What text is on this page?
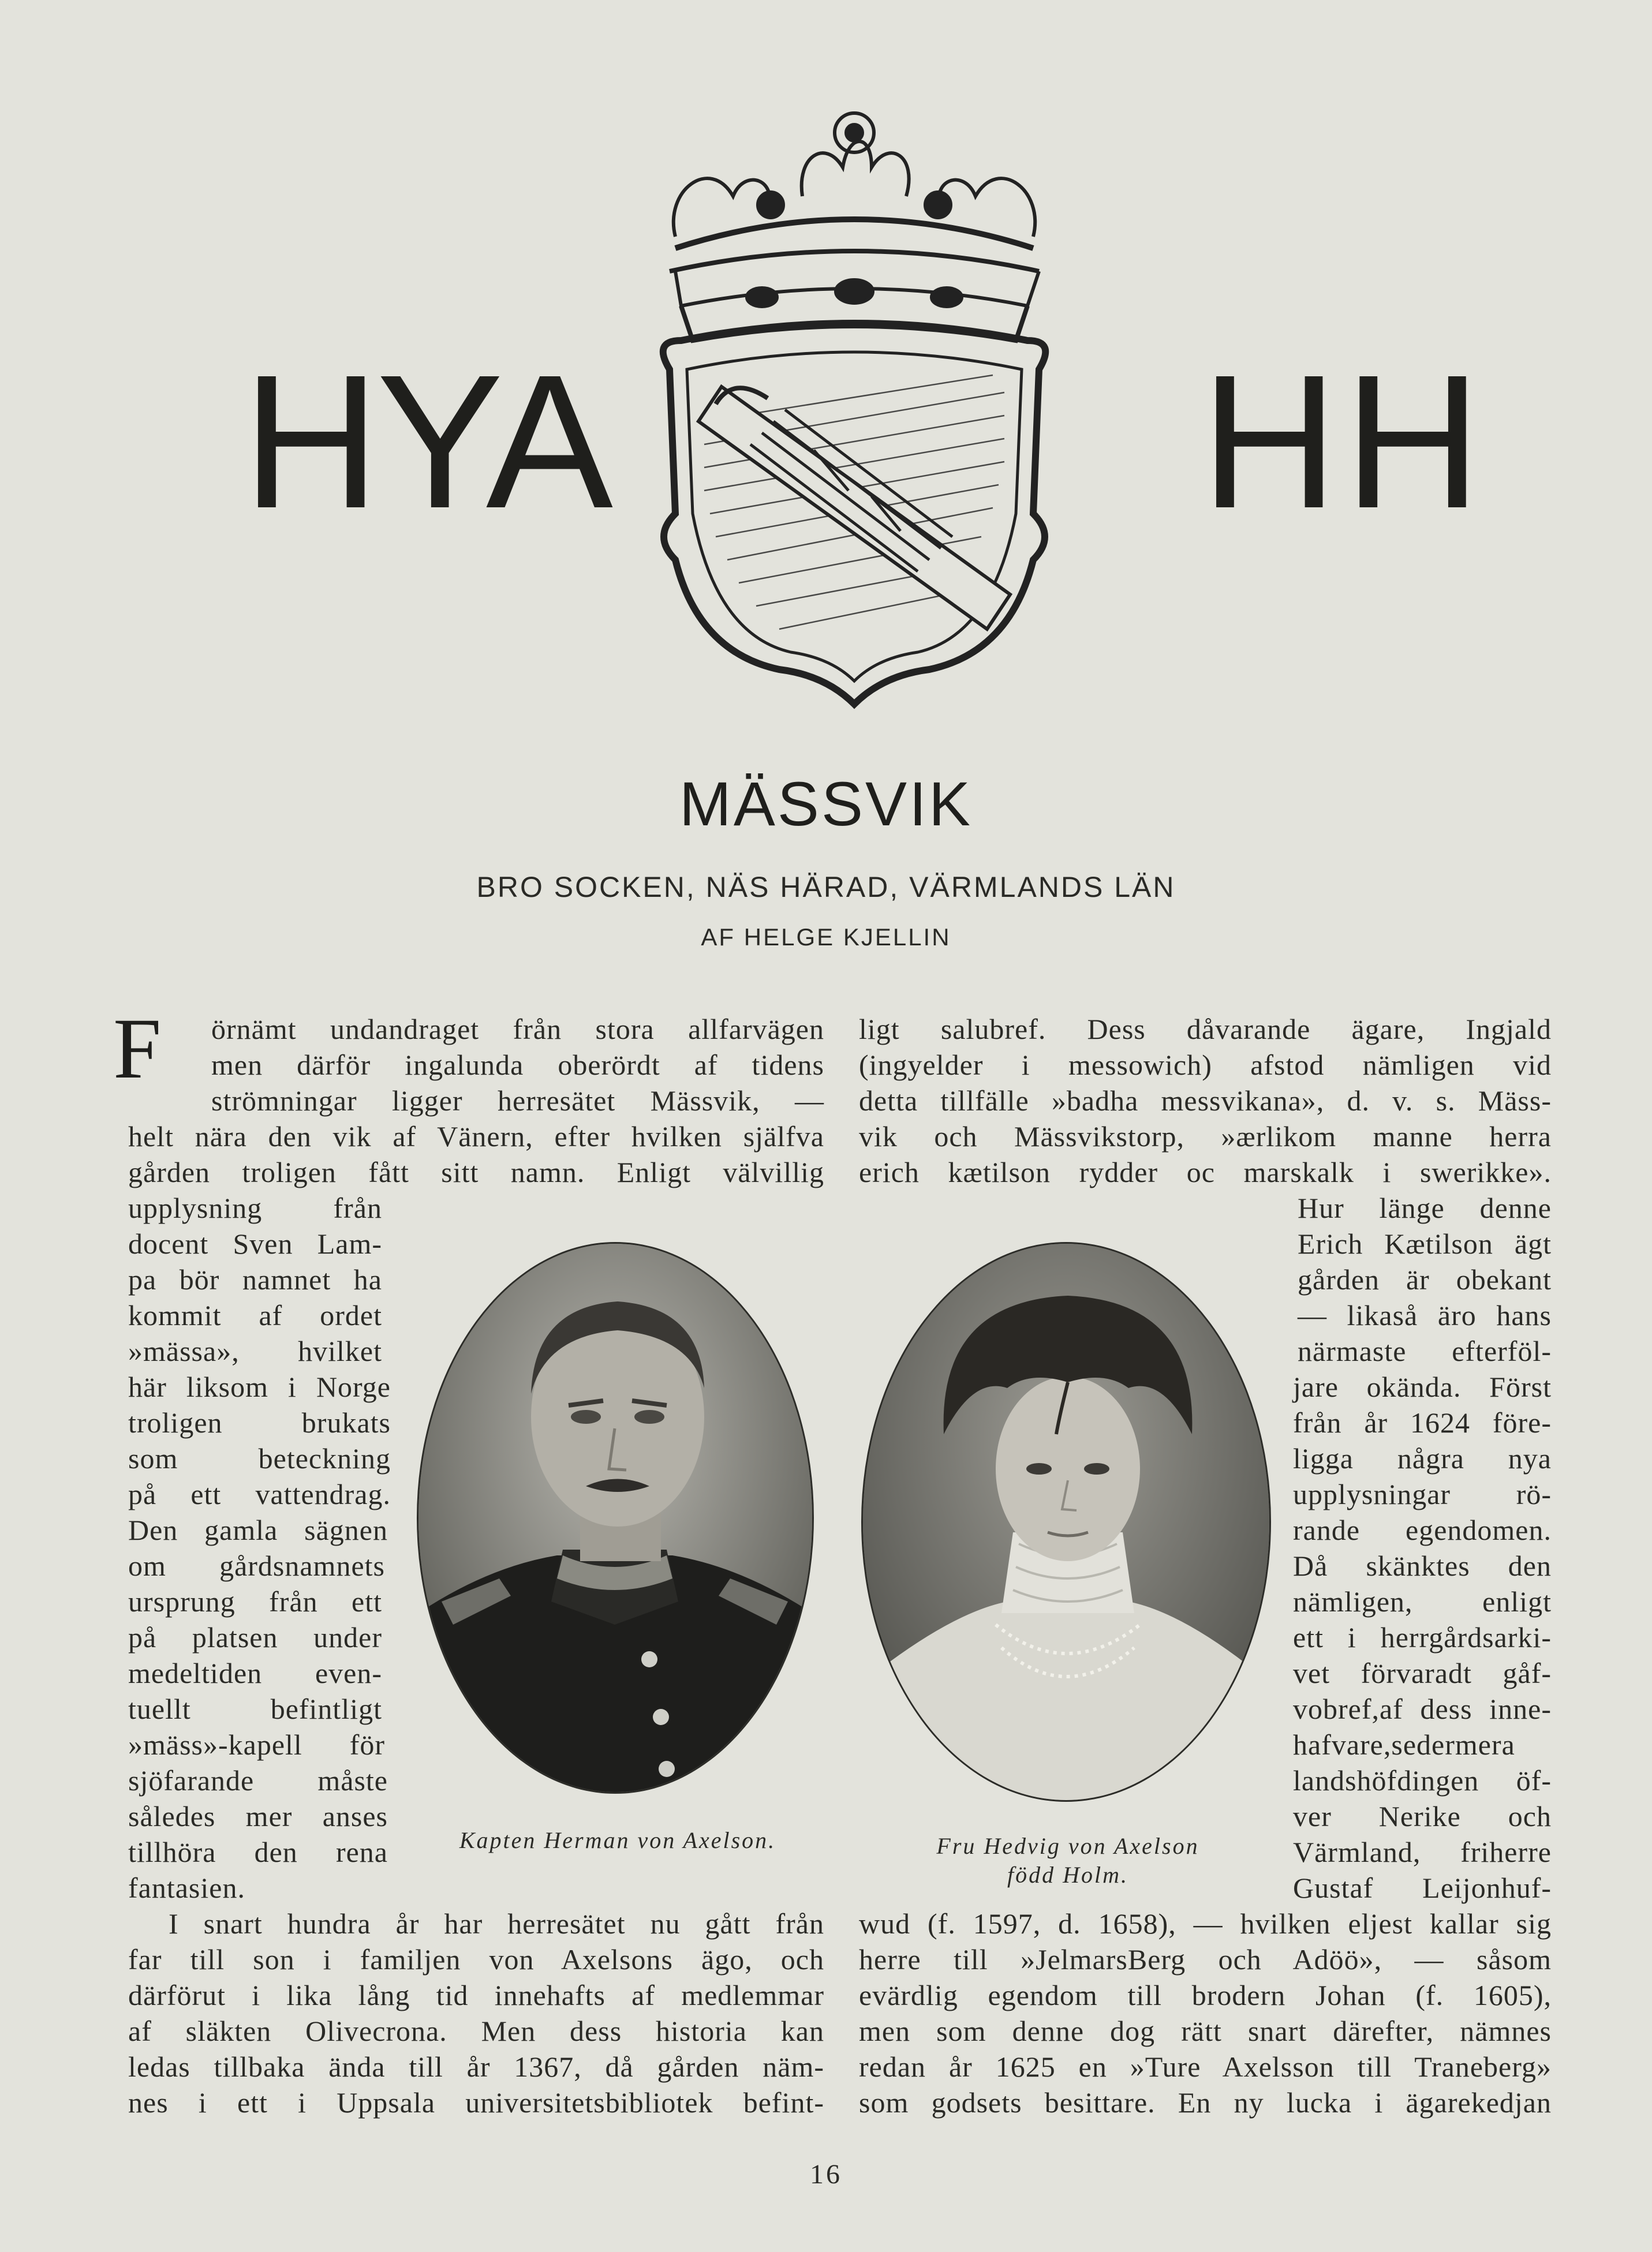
HYA	HH
MÄSSVIK
BRO SOCKEN, NÄS HÄRAD, VÄRMLANDS LÄN
AF HELGE KJELLIN
F örnämt undandraget från stora allfarvägen
men därför ingalunda oberördt af tidens
strömningar ligger herresätet Mässvik, —
helt nära den vik af Vänern, efter hvilken själfva
gården troligen fått sitt namn. Enligt välvillig
upplysning från
docent Sven Lam-
pa bör namnet ha
kommit af ordet
»mässa», hvilket
här liksom i Norge
troligen brukats
som beteckning
på ett vattendrag.
Den gamla sägnen
om gårdsnamnets
ursprung från ett
på platsen under
medeltiden even-
tuellt befintligt
»mäss»-kapell för
sjöfarande måste
således mer anses
tillhöra den rena
fantasien.
I snart hundra år har herresätet nu gått från
far till son i familjen von Axelsons ägo, och
därförut i lika lång tid innehafts af medlemmar
af släkten Olivecrona. Men dess historia kan
ledas tillbaka ända till år 1367, då gården näm-
nes i ett i Uppsala universitetsbibliotek befint-
ligt salubref. Dess dåvarande ägare, Ingjald
(ingyelder i messowich) afstod nämligen vid
detta tillfälle »badha messvikana», d. v. s. Mäss-
vik och Mässvikstorp, »ærlikom manne herra
erich kætilson rydder oc marskalk i swerikke».
Hur länge denne
Erich Kætilson ägt
gården är obekant
— likaså äro hans
närmaste efterföl-
jare okända. Först
från år 1624 före-
ligga några nya
upplysningar rö-
rande egendomen.
Då skänktes den
nämligen, enligt
ett i herrgårdsarki-
vet förvaradt gåf-
vobref,af dess inne-
hafvare,sedermera
landshöfdingen öf-
ver Nerike och
Värmland, friherre
Gustaf Leijonhuf-
wud (f. 1597, d. 1658), — hvilken eljest kallar sig
herre till »JelmarsBerg och Adöö», — såsom
evärdlig egendom till brodern Johan (f. 1605),
men som denne dog rätt snart därefter, nämnes
redan år 1625 en »Ture Axelsson till Traneberg»
som godsets besittare. En ny lucka i ägarekedjan
Kapten Herman von Axelson.	Fru Hedvig von Axelson
född Holm.
16
